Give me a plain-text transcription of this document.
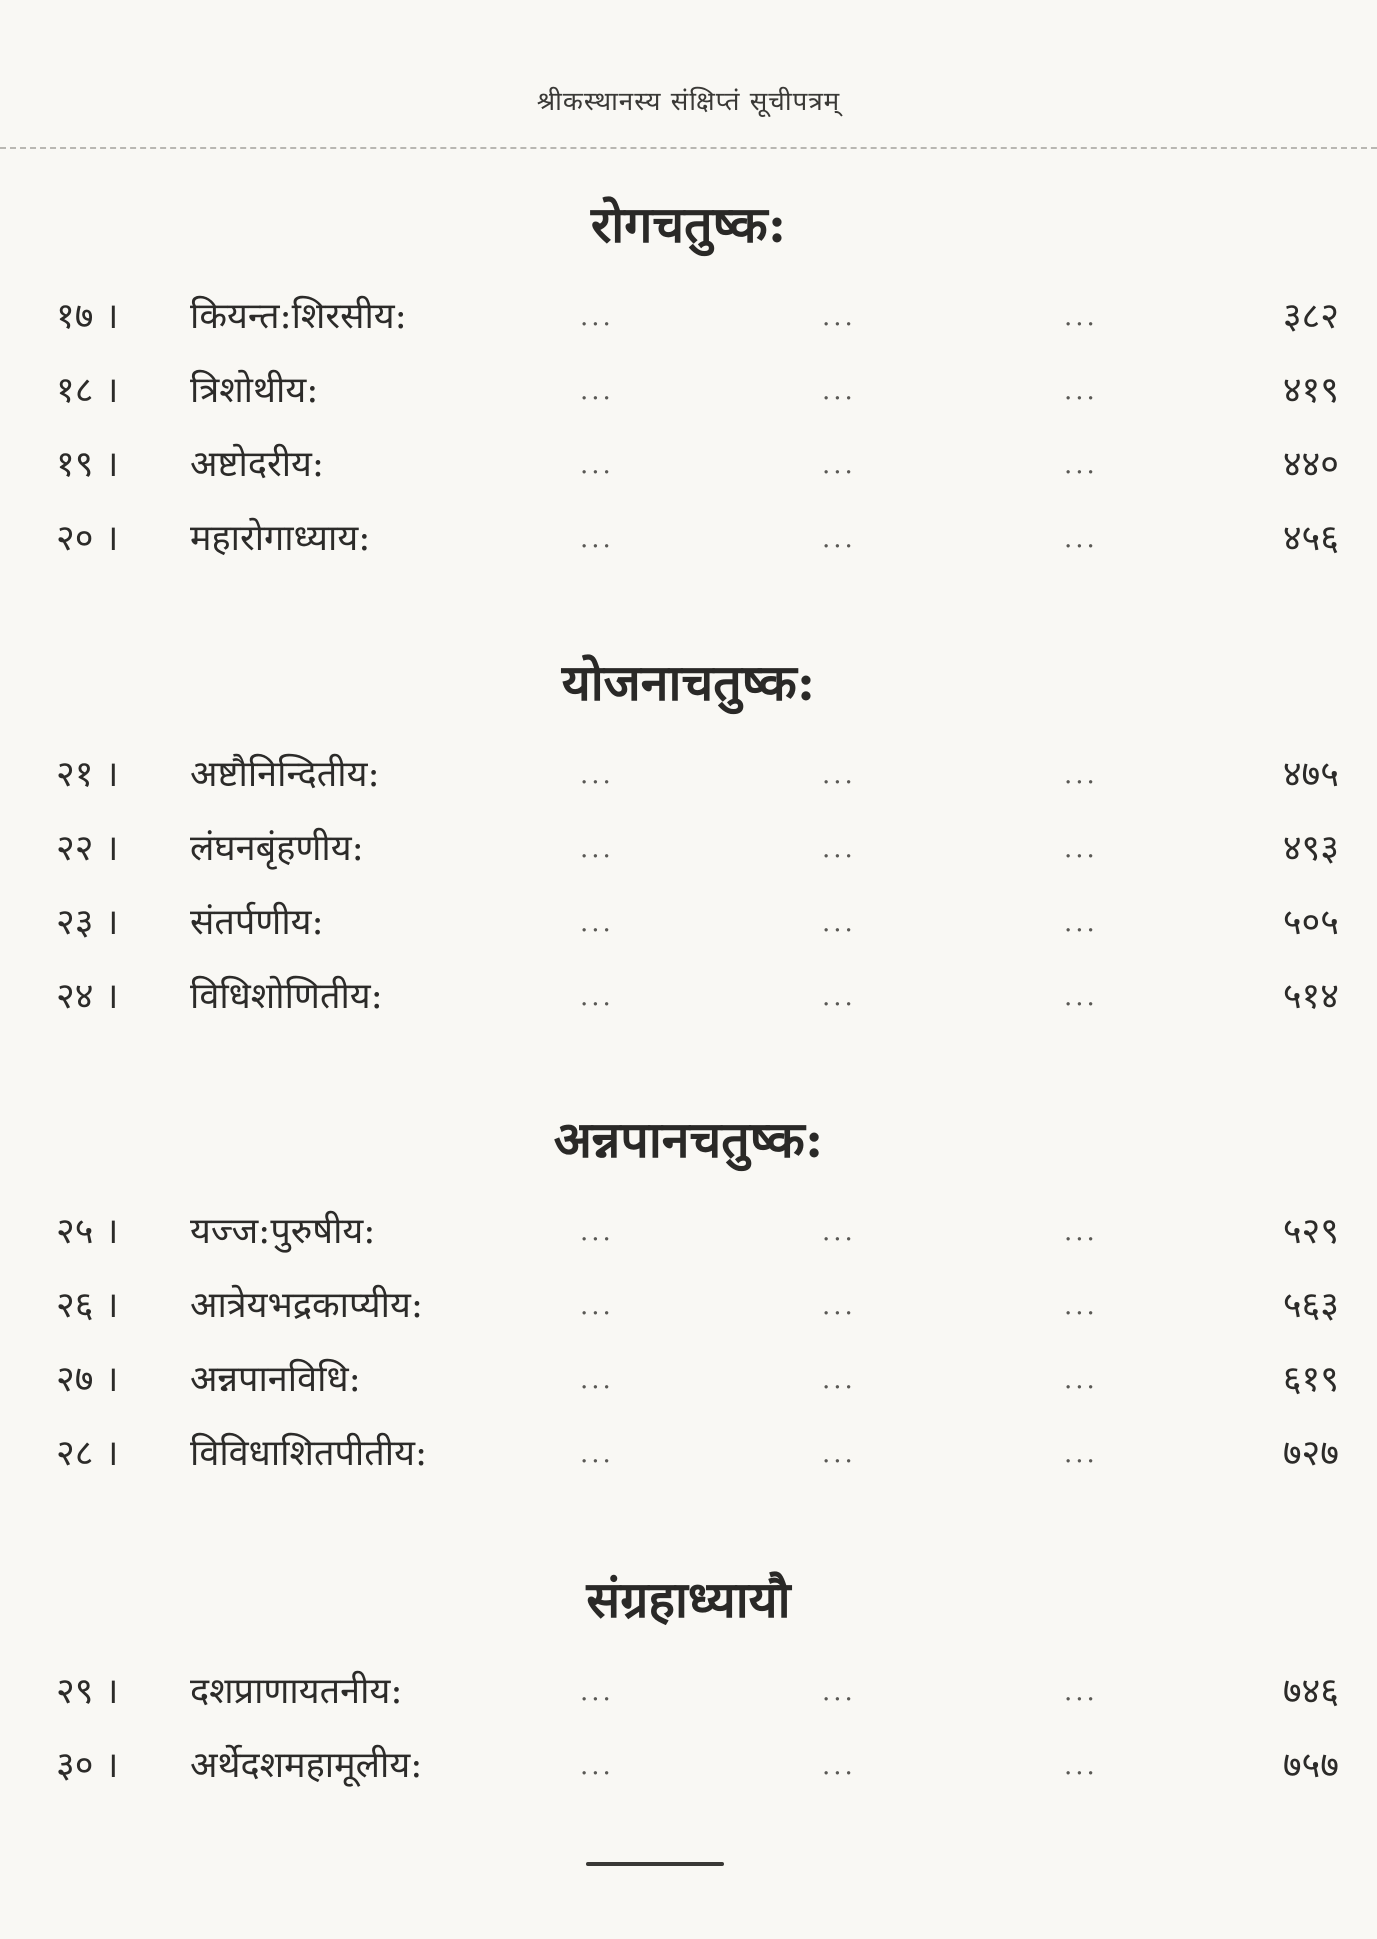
श्रीकस्थानस्य संक्षिप्तं सूचीपत्रम्
रोगचतुष्क:
१७ ।	कियन्त:शिरसीय:	...	...	...	३८२
१८ ।	त्रिशोथीय:	...	...	...	४१९
१९ ।	अष्टोदरीय:	...	...	...	४४०
२० ।	महारोगाध्याय:	...	...	...	४५६
योजनाचतुष्क:
२१ ।	अष्टौनिन्दितीय:	...	...	...	४७५
२२ ।	लंघनबृंहणीय:	...	...	...	४९३
२३ ।	संतर्पणीय:	...	...	...	५०५
२४ ।	विधिशोणितीय:	...	...	...	५१४
अन्नपानचतुष्क:
२५ ।	यज्ज:पुरुषीय:	...	...	...	५२९
२६ ।	आत्रेयभद्रकाप्यीय:	...	...	...	५६३
२७ ।	अन्नपानविधि:	...	...	...	६१९
२८ ।	विविधाशितपीतीय:	...	...	...	७२७
संग्रहाध्यायौ
२९ ।	दशप्राणायतनीय:	...	...	...	७४६
३० ।	अर्थेदशमहामूलीय:	...	...	...	७५७
